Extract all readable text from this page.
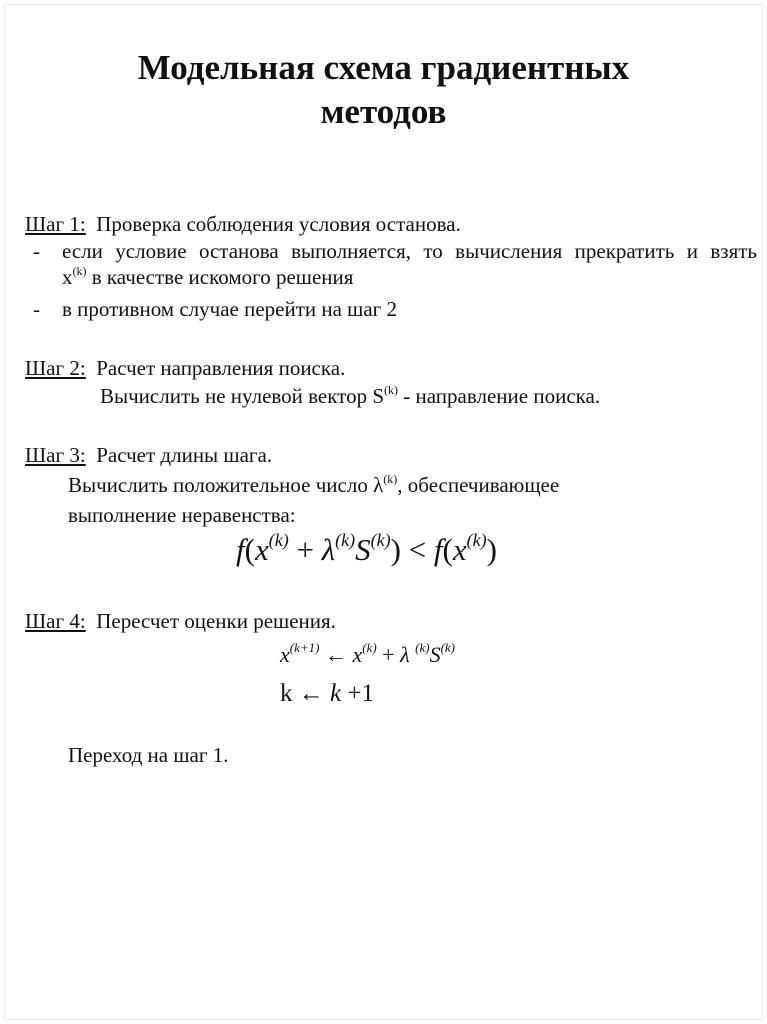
Модельная схема градиентных
методов
Шаг 1: Проверка соблюдения условия останова.
- если условие останова выполняется, то вычисления прекратить и взять
$x^{(k)}$ в качестве искомого решения
- в противном случае перейти на шаг 2
Шаг 2: Расчет направления поиска.
Вычислить не нулевой вектор $S^{(k)}$ - направление поиска.
Шаг 3: Расчет длины шага.
Вычислить положительное число $\lambda^{(k)}$, обеспечивающее
выполнение неравенства:
$f(x^{(k)} + \lambda^{(k)}S^{(k)}) < f(x^{(k)})$
Шаг 4: Пересчет оценки решения.
$x^{(k+1)}$ ← $x^{(k)} + \lambda$ $^{(k)}S^{(k)}$
k ← k +1
Переход на шаг 1.
